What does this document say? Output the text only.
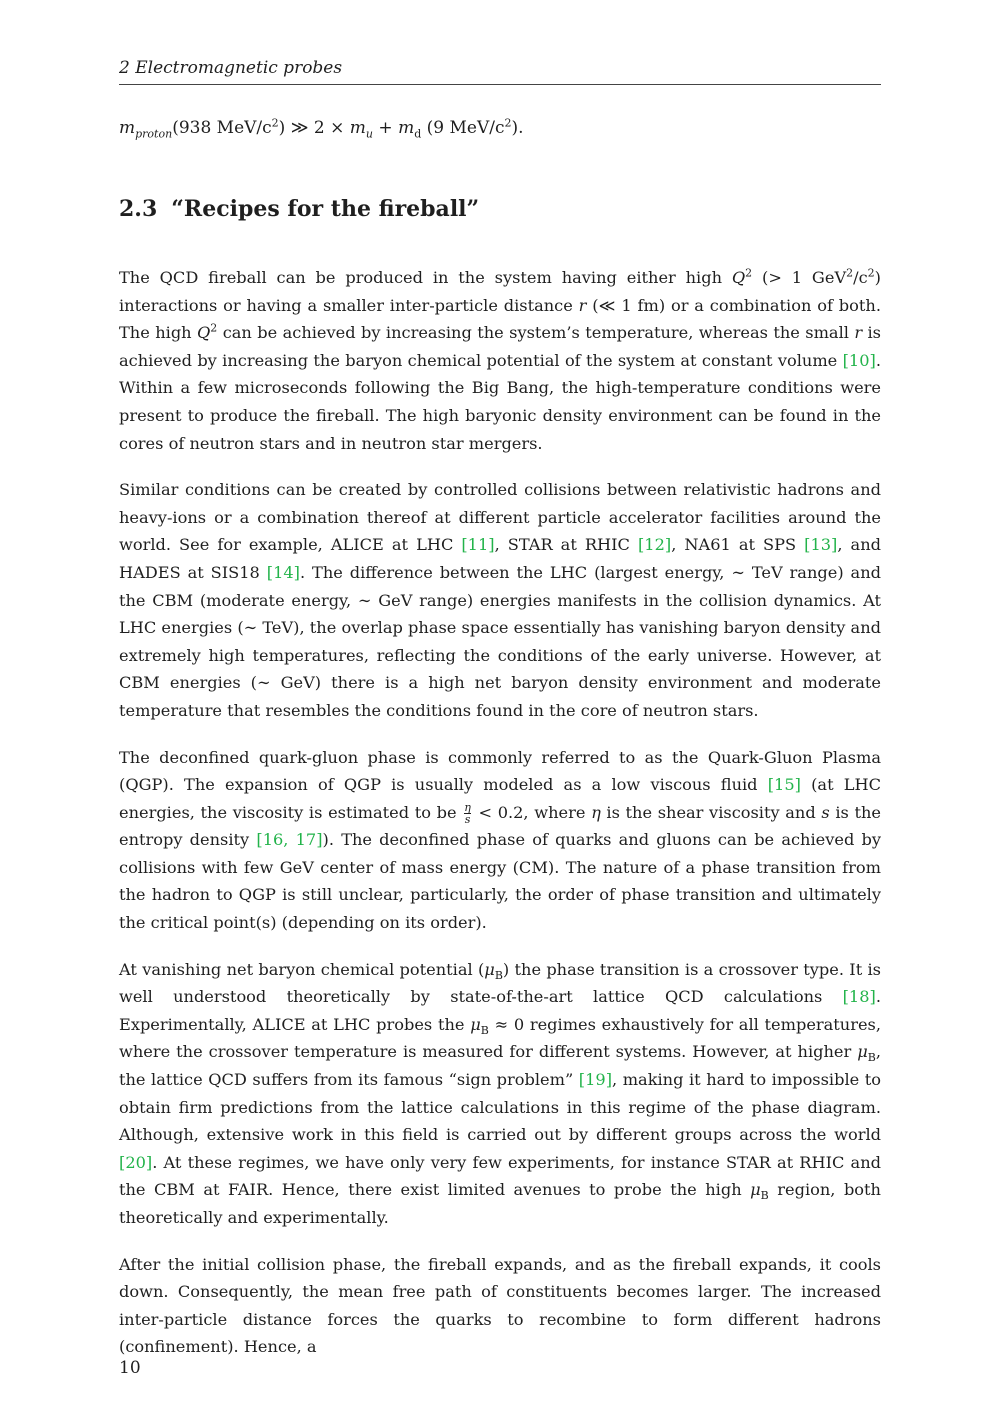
2 Electromagnetic probes
$m_{proton}(938$ MeV/$c^2$) ≫ $2 \times m_u + m_d$ (9 MeV/$c^2$).
2.3 “Recipes for the fireball”

The QCD fireball can be produced in the system having either high $Q^2$ (> 1 $GeV^2/c^2$) interactions or having a smaller inter-particle distance r (≪ 1 fm) or a combination of both. The high $Q^2$ can be achieved by increasing the system’s temperature, whereas the small r is achieved by increasing the baryon chemical potential of the system at constant volume [10]. Within a few microseconds following the Big Bang, the high-temperature conditions were present to produce the fireball. The high baryonic density environment can be found in the cores of neutron stars and in neutron star mergers.

Similar conditions can be created by controlled collisions between relativistic hadrons and heavy-ions or a combination thereof at different particle accelerator facilities around the world. See for example, ALICE at LHC [11], STAR at RHIC [12], NA61 at SPS [13], and HADES at SIS18 [14]. The difference between the LHC (largest energy, ∼ TeV range) and the CBM (moderate energy, ∼ GeV range) energies manifests in the collision dynamics. At LHC energies (∼ TeV), the overlap phase space essentially has vanishing baryon density and extremely high temperatures, reflecting the conditions of the early universe. However, at CBM energies (∼ GeV) there is a high net baryon density environment and moderate temperature that resembles the conditions found in the core of neutron stars.

The deconfined quark-gluon phase is commonly referred to as the Quark-Gluon Plasma (QGP). The expansion of QGP is usually modeled as a low viscous fluid [15] (at LHC energies, the viscosity is estimated to be $\frac{\eta}{s} < 0.2$, where η is the shear viscosity and s is the entropy density [16, 17]). The deconfined phase of quarks and gluons can be achieved by collisions with few GeV center of mass energy (CM). The nature of a phase transition from the hadron to QGP is still unclear, particularly, the order of phase transition and ultimately the critical point(s) (depending on its order).

At vanishing net baryon chemical potential $(\mu_B)$ the phase transition is a crossover type. It is well understood theoretically by state-of-the-art lattice QCD calculations [18]. Experimentally, ALICE at LHC probes the $\mu_B \approx 0$ regimes exhaustively for all temperatures, where the crossover temperature is measured for different systems. However, at higher $\mu_B$, the lattice QCD suffers from its famous “sign problem” [19], making it hard to impossible to obtain firm predictions from the lattice calculations in this regime of the phase diagram. Although, extensive work in this field is carried out by different groups across the world [20]. At these regimes, we have only very few experiments, for instance STAR at RHIC and the CBM at FAIR. Hence, there exist limited avenues to probe the high $\mu_B$ region, both theoretically and experimentally.

After the initial collision phase, the fireball expands, and as the fireball expands, it cools down. Consequently, the mean free path of constituents becomes larger. The increased inter-particle distance forces the quarks to recombine to form different hadrons (confinement). Hence, a

10
